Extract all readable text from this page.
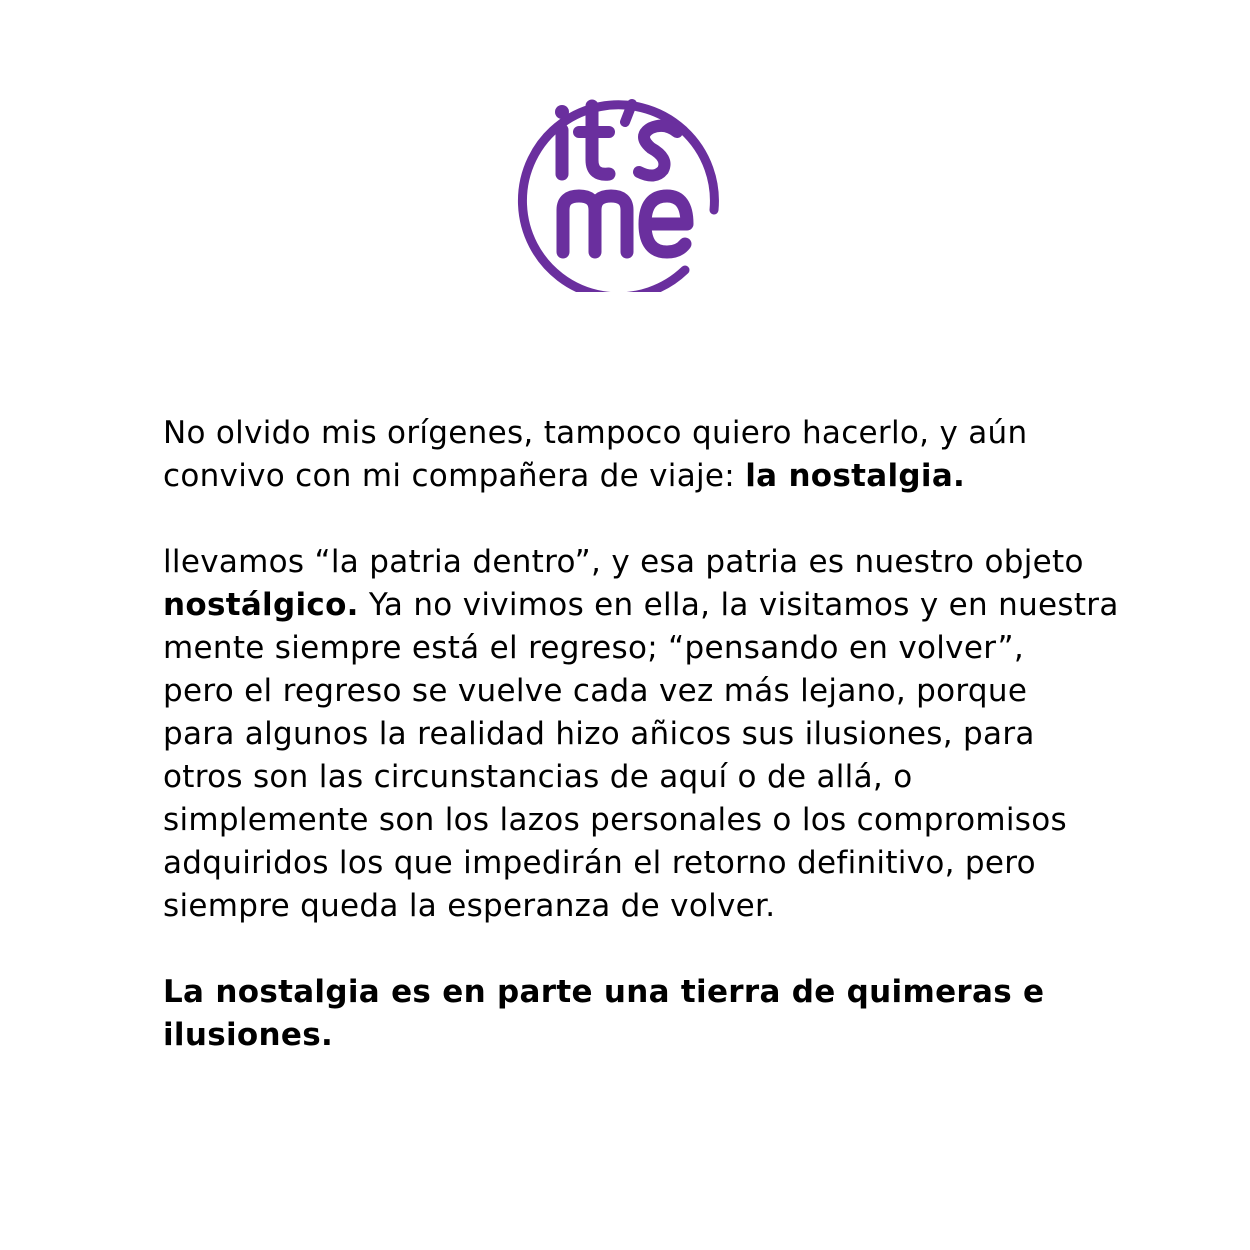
No olvido mis orígenes, tampoco quiero hacerlo, y aún
convivo con mi compañera de viaje: la nostalgia.
llevamos “la patria dentro”, y esa patria es nuestro objeto
nostálgico. Ya no vivimos en ella, la visitamos y en nuestra
mente siempre está el regreso; “pensando en volver”,
pero el regreso se vuelve cada vez más lejano, porque
para algunos la realidad hizo añicos sus ilusiones, para
otros son las circunstancias de aquí o de allá, o
simplemente son los lazos personales o los compromisos
adquiridos los que impedirán el retorno definitivo, pero
siempre queda la esperanza de volver.
La nostalgia es en parte una tierra de quimeras e
ilusiones.
